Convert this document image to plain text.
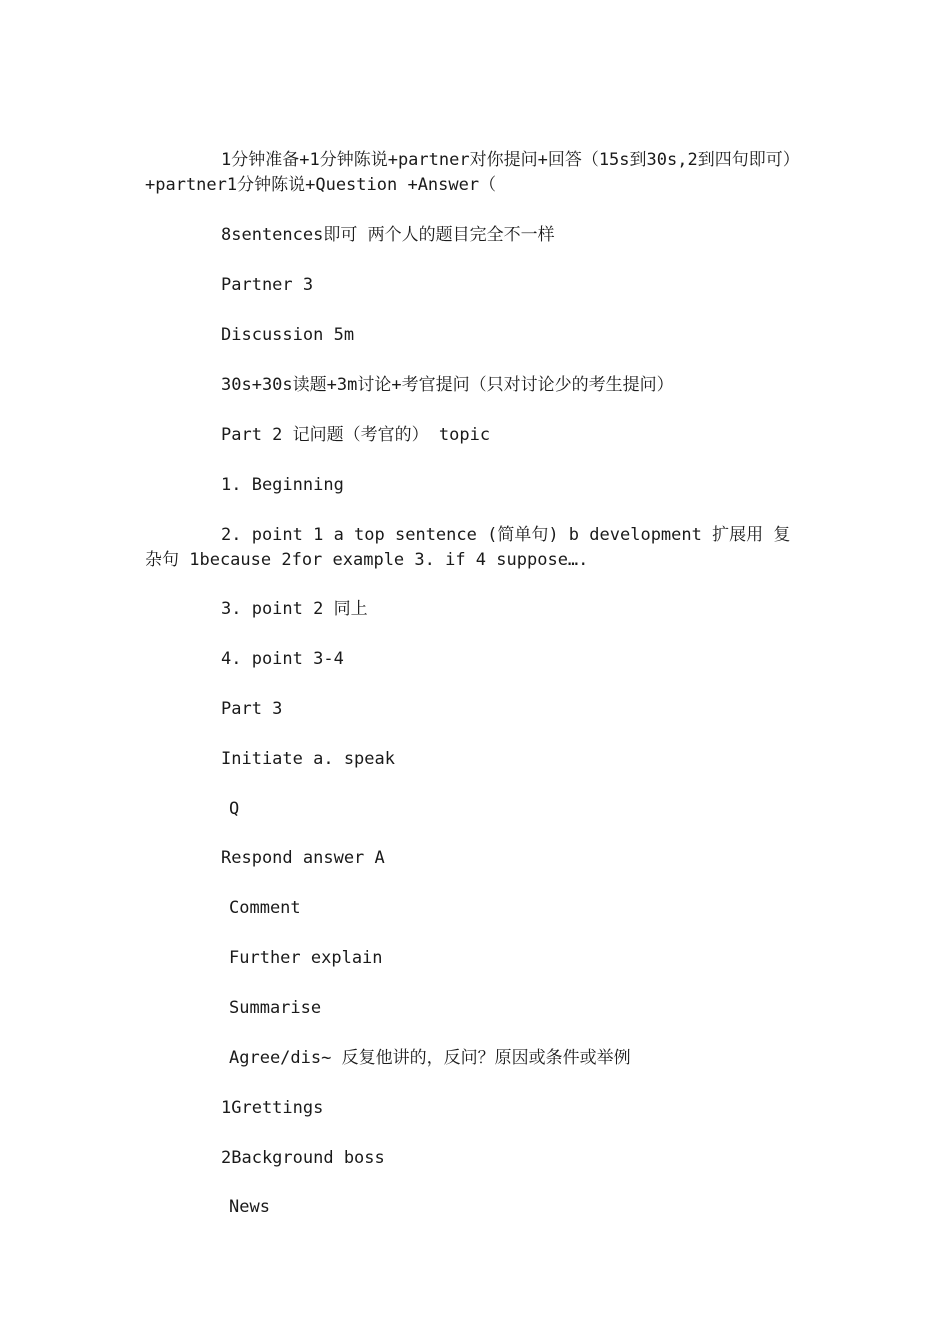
1分钟准备+1分钟陈说+partner对你提问+回答（15s到30s,2到四句即可）+partner1分钟陈说+Question +Answer（

8sentences即可 两个人的题目完全不一样

Partner 3

Discussion 5m

30s+30s读题+3m讨论+考官提问（只对讨论少的考生提问）

Part 2 记问题（考官的） topic

1. Beginning

2. point 1 a top sentence (简单句) b development 扩展用 复杂句 1because 2for example 3. if 4 suppose….

3. point 2 同上

4. point 3-4

Part 3

Initiate a. speak

Q

Respond answer A

Comment

Further explain

Summarise

Agree/dis~ 反复他讲的，反问？原因或条件或举例

1Grettings

2Background boss

News
